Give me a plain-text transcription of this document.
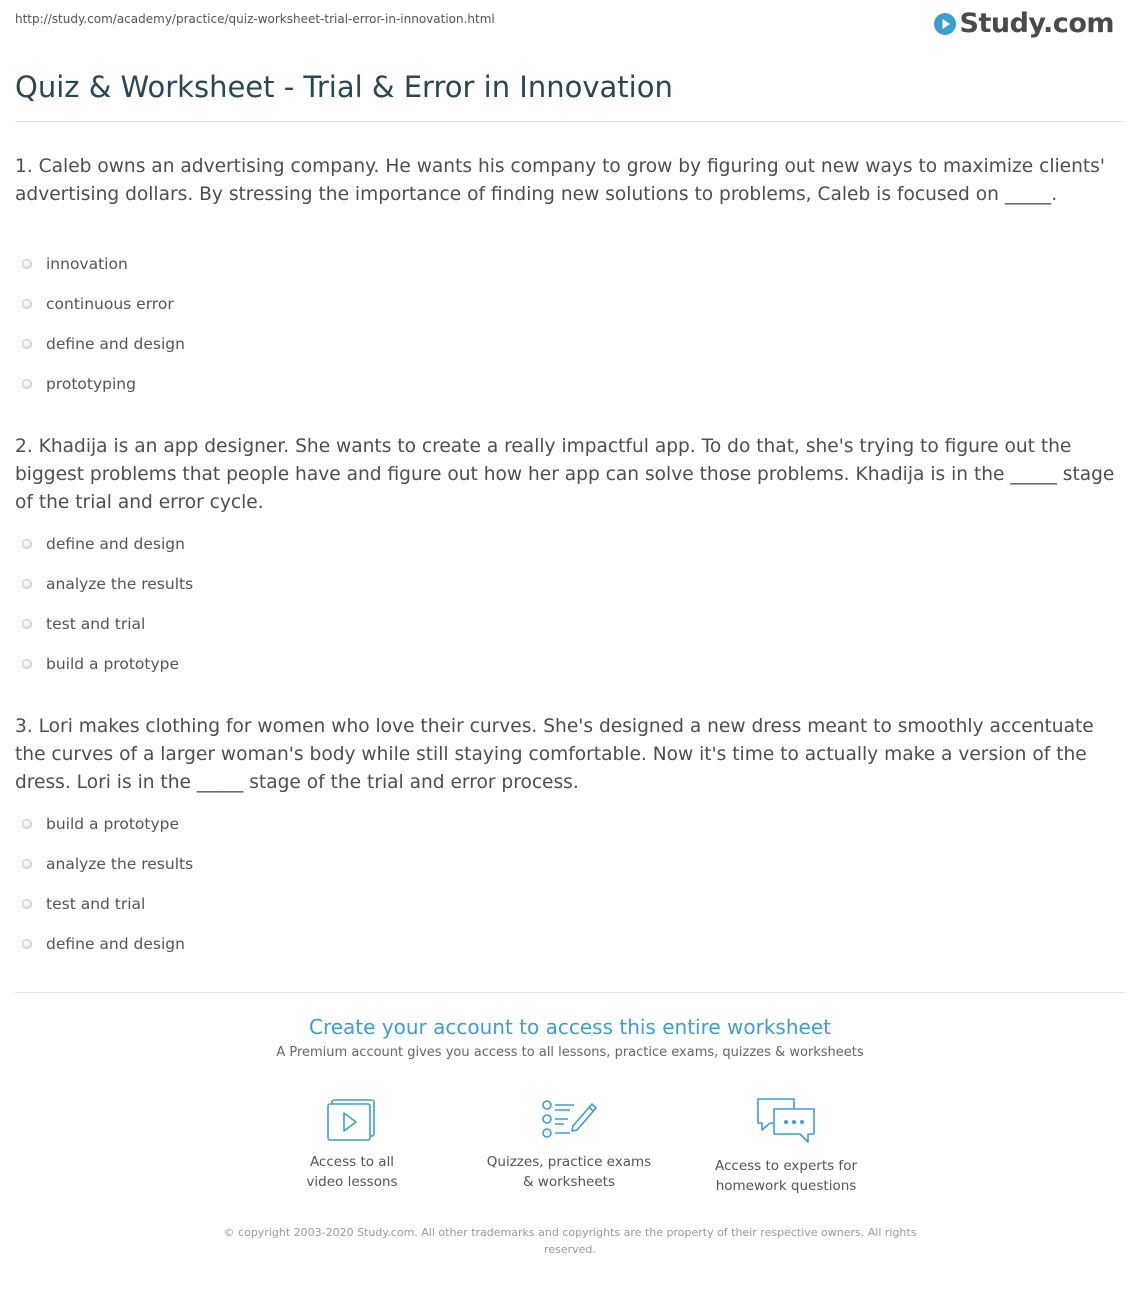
http://study.com/academy/practice/quiz-worksheet-trial-error-in-innovation.html	Study.com
Quiz & Worksheet - Trial & Error in Innovation

1. Caleb owns an advertising company. He wants his company to grow by figuring out new ways to maximize clients' advertising dollars. By stressing the importance of finding new solutions to problems, Caleb is focused on _____.

innovation
continuous error
define and design
prototyping

2. Khadija is an app designer. She wants to create a really impactful app. To do that, she's trying to figure out the biggest problems that people have and figure out how her app can solve those problems. Khadija is in the _____ stage of the trial and error cycle.

define and design
analyze the results
test and trial
build a prototype

3. Lori makes clothing for women who love their curves. She's designed a new dress meant to smoothly accentuate the curves of a larger woman's body while still staying comfortable. Now it's time to actually make a version of the dress. Lori is in the _____ stage of the trial and error process.

build a prototype
analyze the results
test and trial
define and design
Create your account to access this entire worksheet
A Premium account gives you access to all lessons, practice exams, quizzes & worksheets
Access to all
video lessons
Quizzes, practice exams
& worksheets
Access to experts for
homework questions
© copyright 2003-2020 Study.com. All other trademarks and copyrights are the property of their respective owners. All rights reserved.
